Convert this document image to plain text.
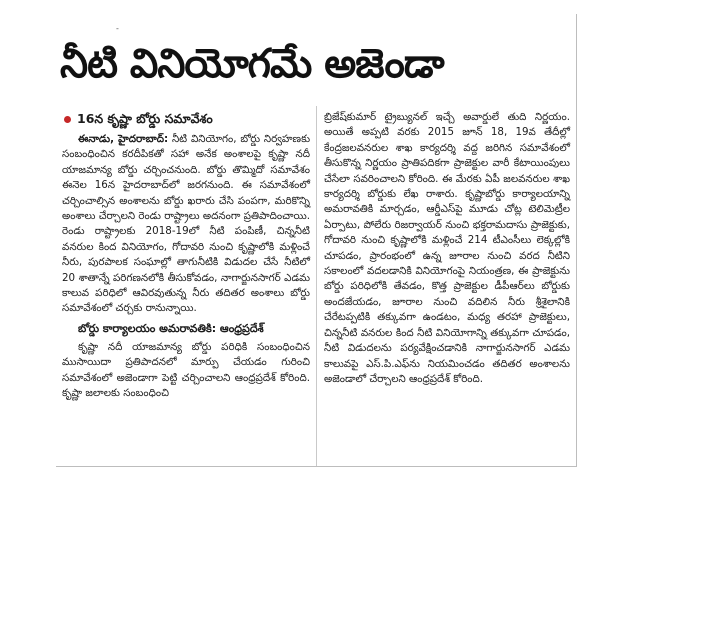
-
నీటి వినియోగమే అజెండా
16న కృష్ణా బోర్డు సమావేశం

ఈనాడు, హైదరాబాద్: నీటి వినియోగం, బోర్డు నిర్వహణకు సంబంధించిన కరదీపికతో సహా అనేక అంశాలపై కృష్ణా నదీ యాజమాన్య బోర్డు చర్చించనుంది. బోర్డు తొమ్మిదో సమావేశం ఈనెల 16న హైదరాబాద్‌లో జరగనుంది. ఈ సమావేశంలో చర్చించాల్సిన అంశాలను బోర్డు ఖరారు చేసి పంపగా, మరికొన్ని అంశాలు చేర్చాలని రెండు రాష్ట్రాలు అదనంగా ప్రతిపాదించాయి. రెండు రాష్ట్రాలకు 2018-19లో నీటి పంపిణీ, చిన్ననీటి వనరుల కింద వినియోగం, గోదావరి నుంచి కృష్ణాలోకి మళ్లించే నీరు, పురపాలక సంఘాల్లో తాగునీటికి విడుదల చేసే నీటిలో 20 శాతాన్నే పరిగణనలోకి తీసుకోవడం, నాగార్జునసాగర్ ఎడమ కాలువ పరిధిలో ఆవిరవుతున్న నీరు తదితర అంశాలు బోర్డు సమావేశంలో చర్చకు రానున్నాయి.

బోర్డు కార్యాలయం అమరావతికి: ఆంధ్రప్రదేశ్

కృష్ణా నదీ యాజమాన్య బోర్డు పరిధికి సంబంధించిన ముసాయిదా ప్రతిపాదనలో మార్పు చేయడం గురించి సమావేశంలో అజెండాగా పెట్టి చర్చించాలని ఆంధ్రప్రదేశ్ కోరింది. కృష్ణా జలాలకు సంబంధించి

బ్రిజేష్‌కుమార్ ట్రైబ్యునల్ ఇచ్చే అవార్డులే తుది నిర్ణయం. అయితే అప్పటి వరకు 2015 జూన్ 18, 19వ తేదీల్లో కేంద్రజలవనరుల శాఖ కార్యదర్శి వద్ద జరిగిన సమావేశంలో తీసుకొన్న నిర్ణయం ప్రాతిపదికగా ప్రాజెక్టుల వారీ కేటాయింపులు చేసేలా సవరించాలని కోరింది. ఈ మేరకు ఏపీ జలవనరుల శాఖ కార్యదర్శి బోర్డుకు లేఖ రాశారు. కృష్ణాబోర్డు కార్యాలయాన్ని అమరావతికి మార్చడం, ఆర్డీఎస్‌పై మూడు చోట్ల టెలిమెట్రీల ఏర్పాటు, పోలేరు రిజర్వాయర్ నుంచి భక్తరామదాసు ప్రాజెక్టుకు, గోదావరి నుంచి కృష్ణాలోకి మళ్లించే 214 టీఎంసీలు లెక్కల్లోకి చూపడం, ప్రారంభంలో ఉన్న జూరాల నుంచి వరద నీటిని సకాలంలో వదలడానికి వినియోగంపై నియంత్రణ, ఈ ప్రాజెక్టును బోర్డు పరిధిలోకి తేవడం, కొత్త ప్రాజెక్టుల డీపీఆర్‌లు బోర్డుకు అందజేయడం, జూరాల నుంచి వదిలిన నీరు శ్రీశైలానికి చేరేటప్పటికి తక్కువగా ఉండటం, మధ్య తరహా ప్రాజెక్టులు, చిన్ననీటి వనరుల కింద నీటి వినియోగాన్ని తక్కువగా చూపడం, నీటి విడుదలను పర్యవేక్షించడానికి నాగార్జునసాగర్ ఎడమ కాలువపై ఎస్.పి.ఎఫ్‌ను నియమించడం తదితర అంశాలను అజెండాలో చేర్చాలని ఆంధ్రప్రదేశ్ కోరింది.
